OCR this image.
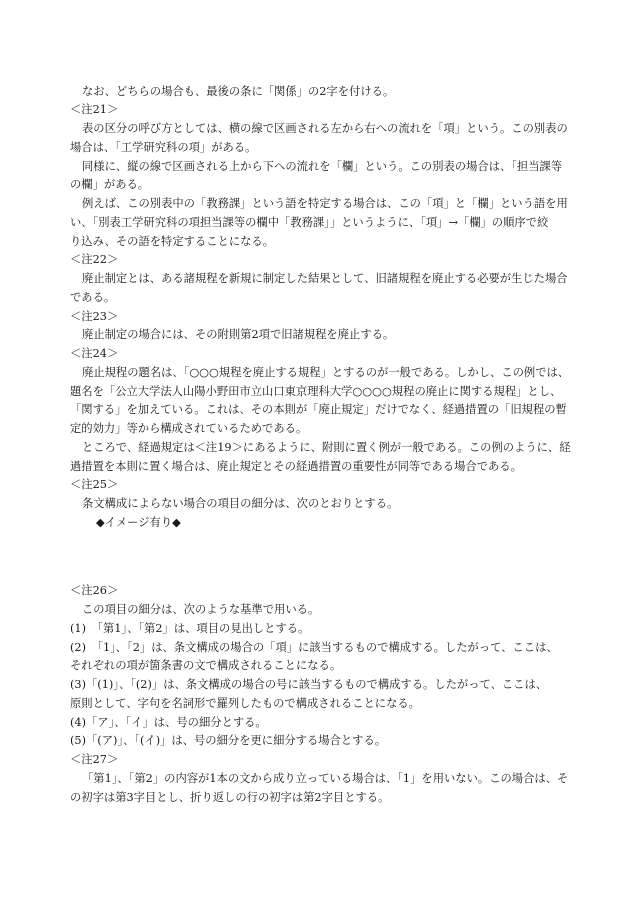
なお、どちらの場合も、最後の条に「関係」の2字を付ける。
＜注21＞
表の区分の呼び方としては、横の線で区画される左から右への流れを「項」という。この別表の
場合は、「工学研究科の項」がある。
同様に、縦の線で区画される上から下への流れを「欄」という。この別表の場合は、「担当課等
の欄」がある。
例えば、この別表中の「教務課」という語を特定する場合は、この「項」と「欄」という語を用
い、「別表工学研究科の項担当課等の欄中「教務課」」というように、「項」→「欄」の順序で絞
り込み、その語を特定することになる。
＜注22＞
廃止制定とは、ある諸規程を新規に制定した結果として、旧諸規程を廃止する必要が生じた場合
である。
＜注23＞
廃止制定の場合には、その附則第2項で旧諸規程を廃止する。
＜注24＞
廃止規程の題名は、「○○○規程を廃止する規程」とするのが一般である。しかし、この例では、
題名を「公立大学法人山陽小野田市立山口東京理科大学○○○○規程の廃止に関する規程」とし、
「関する」を加えている。これは、その本則が「廃止規定」だけでなく、経過措置の「旧規程の暫
定的効力」等から構成されているためである。
ところで、経過規定は＜注19＞にあるように、附則に置く例が一般である。この例のように、経
過措置を本則に置く場合は、廃止規定とその経過措置の重要性が同等である場合である。
＜注25＞
条文構成によらない場合の項目の細分は、次のとおりとする。
◆イメージ有り◆
＜注26＞
この項目の細分は、次のような基準で用いる。
(1)　「第1」、「第2」は、項目の見出しとする。
(2)　「1」、「2」は、条文構成の場合の「項」に該当するもので構成する。したがって、ここは、
それぞれの項が箇条書の文で構成されることになる。
(3)「(1)」、「(2)」は、条文構成の場合の号に該当するもので構成する。したがって、ここは、
原則として、字句を名詞形で羅列したもので構成されることになる。
(4)「ア」、「イ」は、号の細分とする。
(5)「(ア)」、「(イ)」は、号の細分を更に細分する場合とする。
＜注27＞
「第1」、「第2」の内容が1本の文から成り立っている場合は、「1」を用いない。この場合は、そ
の初字は第3字目とし、折り返しの行の初字は第2字目とする。
